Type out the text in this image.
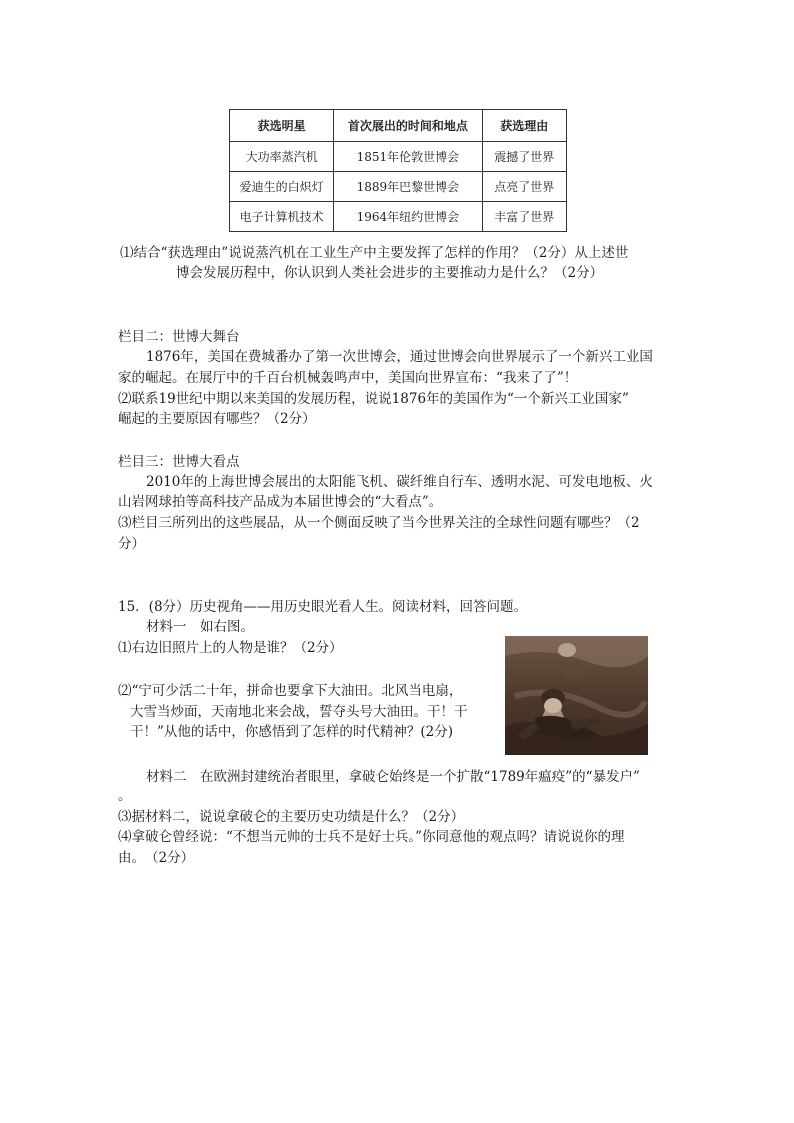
获选明星	首次展出的时间和地点	获选理由
大功率蒸汽机	1851年伦敦世博会	震撼了世界
爱迪生的白炽灯	1889年巴黎世博会	点亮了世界
电子计算机技术	1964年纽约世博会	丰富了世界
⑴结合“获选理由”说说蒸汽机在工业生产中主要发挥了怎样的作用？（2分）从上述世
博会发展历程中，你认识到人类社会进步的主要推动力是什么？（2分）
栏目二：世博大舞台
1876年，美国在费城番办了第一次世博会，通过世博会向世界展示了一个新兴工业国
家的崛起。在展厅中的千百台机械轰鸣声中，美国向世界宣布：“我来了了”！
⑵联系19世纪中期以来美国的发展历程，说说1876年的美国作为“一个新兴工业国家”
崛起的主要原因有哪些？（2分）
栏目三：世博大看点
2010年的上海世博会展出的太阳能飞机、碳纤维自行车、透明水泥、可发电地板、火
山岩网球拍等高科技产品成为本届世博会的“大看点”。
⑶栏目三所列出的这些展品，从一个侧面反映了当今世界关注的全球性问题有哪些？（2
分）
15．(8分）历史视角——用历史眼光看人生。阅读材料，回答问题。
材料一　如右图。
⑴右边旧照片上的人物是谁？（2分）
⑵“宁可少活二十年，拼命也要拿下大油田。北风当电扇，
大雪当炒面，天南地北来会战，誓夺头号大油田。干！干
干！”从他的话中，你感悟到了怎样的时代精神？(2分)
材料二　在欧洲封建统治者眼里，拿破仑始终是一个扩散“1789年瘟疫”的“暴发户”
。
⑶据材料二，说说拿破仑的主要历史功绩是什么？（2分）
⑷拿破仑曾经说：“不想当元帅的士兵不是好士兵。”你同意他的观点吗？请说说你的理
由。　（2分）
